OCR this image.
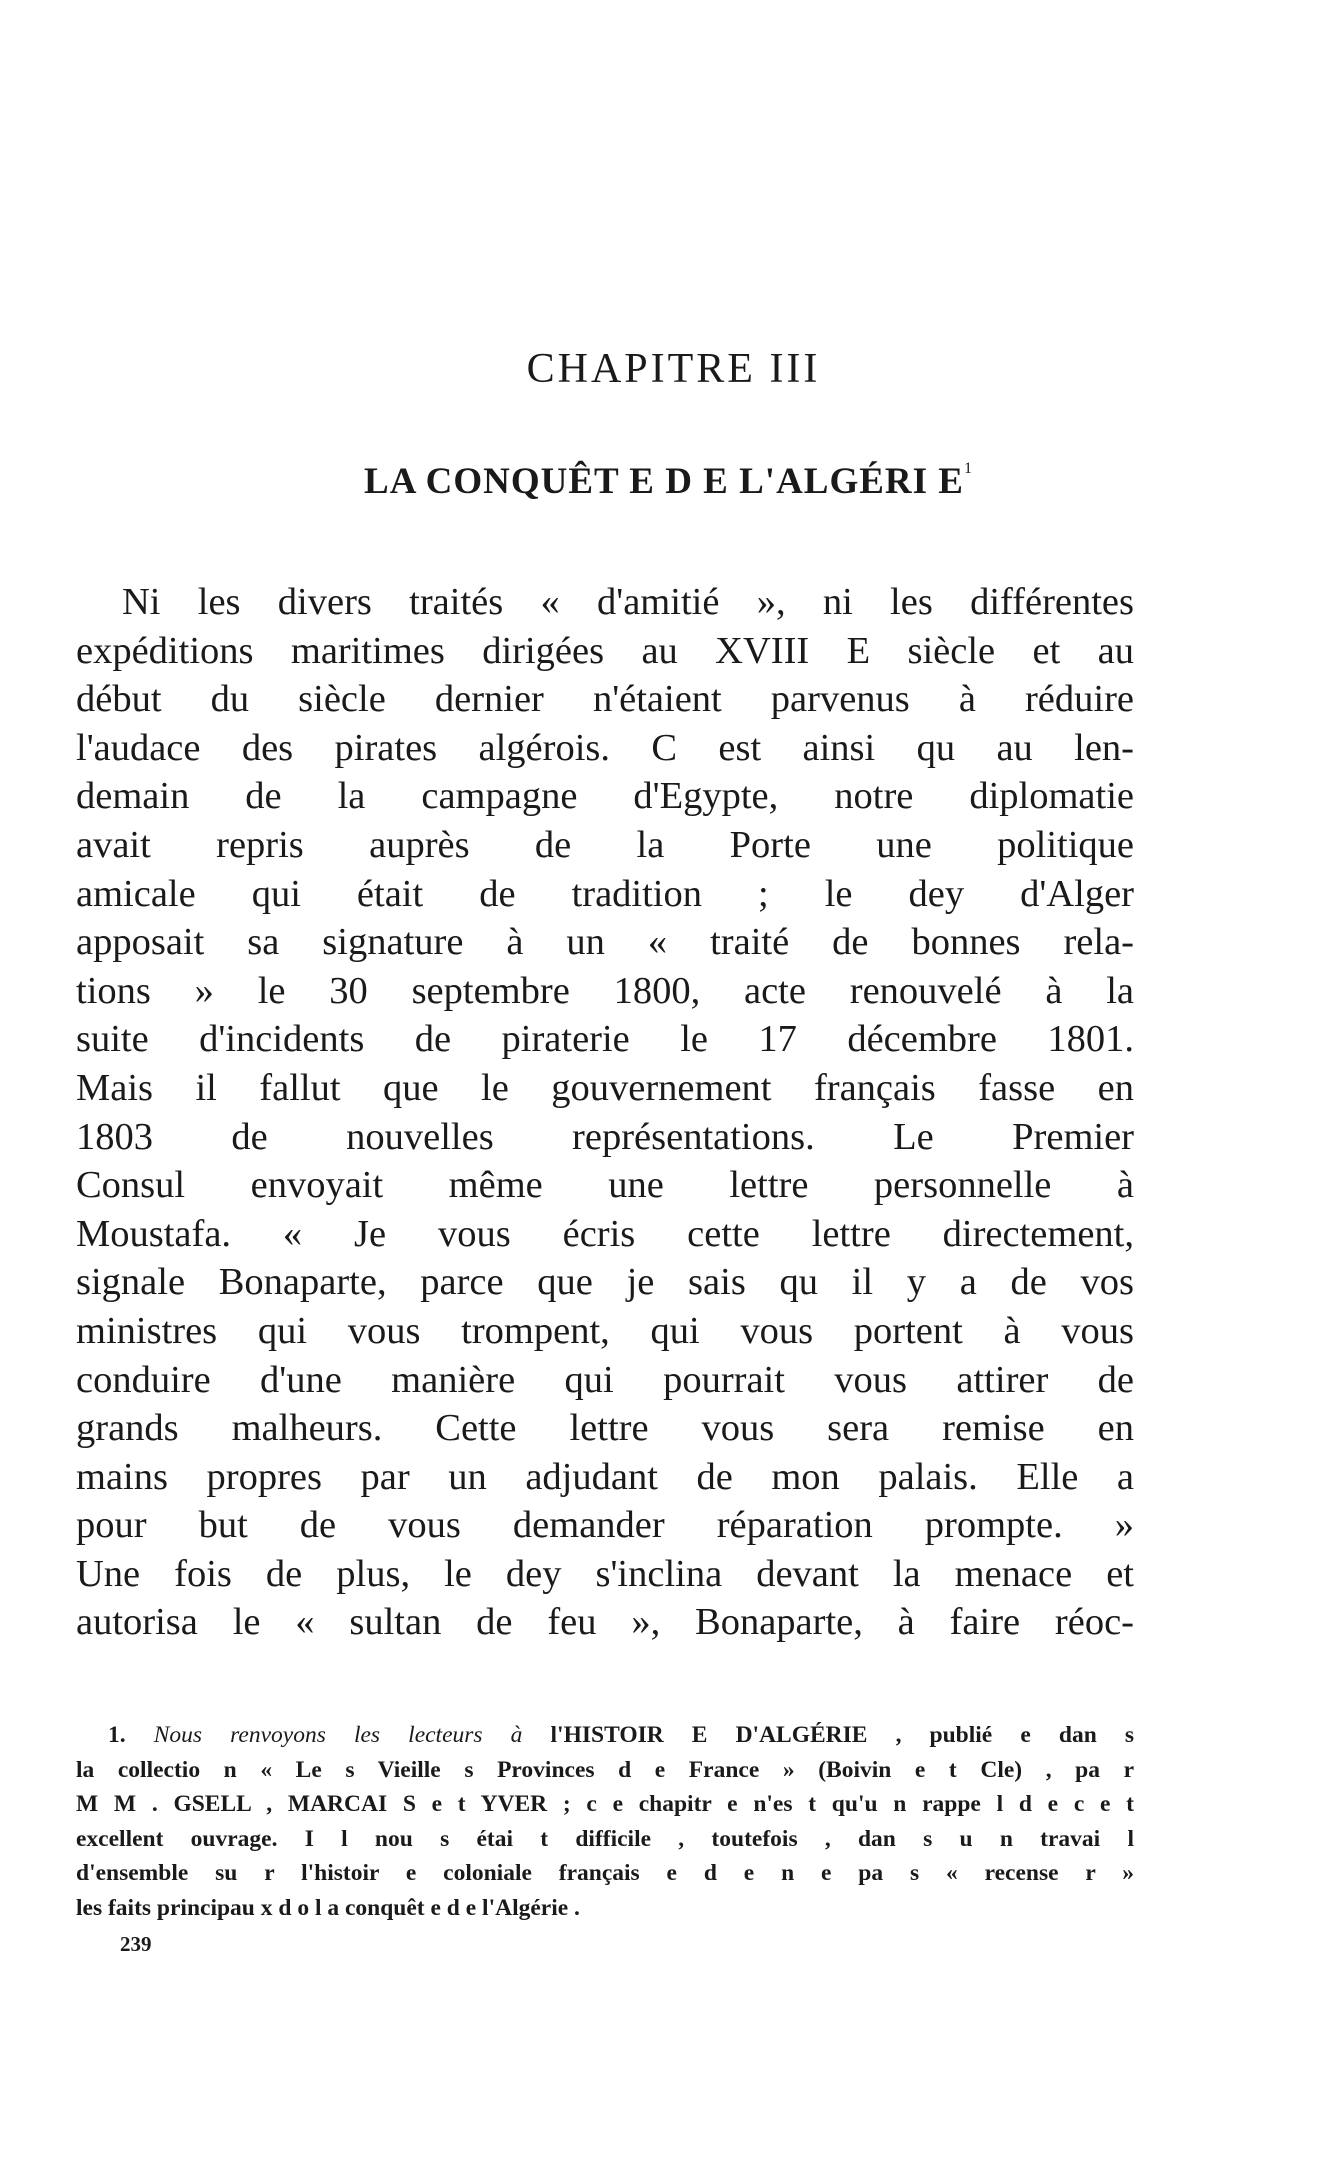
CHAPITRE III
LA CONQUÊT E D E L'ALGÉRI $E^1$
Ni les divers traités « d'amitié », ni les différentes
expéditions maritimes dirigées au XVIII E siècle et au
début du siècle dernier n'étaient parvenus à réduire
l'audace des pirates algérois. C est ainsi qu au len-
demain de la campagne d'Egypte, notre diplomatie
avait repris auprès de la Porte une politique
amicale qui était de tradition ; le dey d'Alger
apposait sa signature à un « traité de bonnes rela-
tions » le 30 septembre 1800, acte renouvelé à la
suite d'incidents de piraterie le 17 décembre 1801.
Mais il fallut que le gouvernement français fasse en
1803 de nouvelles représentations. Le Premier
Consul envoyait même une lettre personnelle à
Moustafa. « Je vous écris cette lettre directement,
signale Bonaparte, parce que je sais qu il y a de vos
ministres qui vous trompent, qui vous portent à vous
conduire d'une manière qui pourrait vous attirer de
grands malheurs. Cette lettre vous sera remise en
mains propres par un adjudant de mon palais. Elle a
pour but de vous demander réparation prompte. »
Une fois de plus, le dey s'inclina devant la menace et
autorisa le « sultan de feu », Bonaparte, à faire réoc-
1. Nous renvoyons les lecteurs à l'HISTOIR E D'ALGÉRIE , publié e dan s
la collectio n « Le s Vieille s Provinces d e France » (Boivin e t Cle) , pa r
M M . GSELL , MARCAI S e t YVER ; c e chapitr e n'es t qu'u n rappe l d e c e t
excellent ouvrage. I l nou s étai t difficile , toutefois , dan s u n travai l
d'ensemble su r l'histoir e coloniale français e d e n e pa s « recense r »
les faits principau x d o l a conquêt e d e l'Algérie .
239
